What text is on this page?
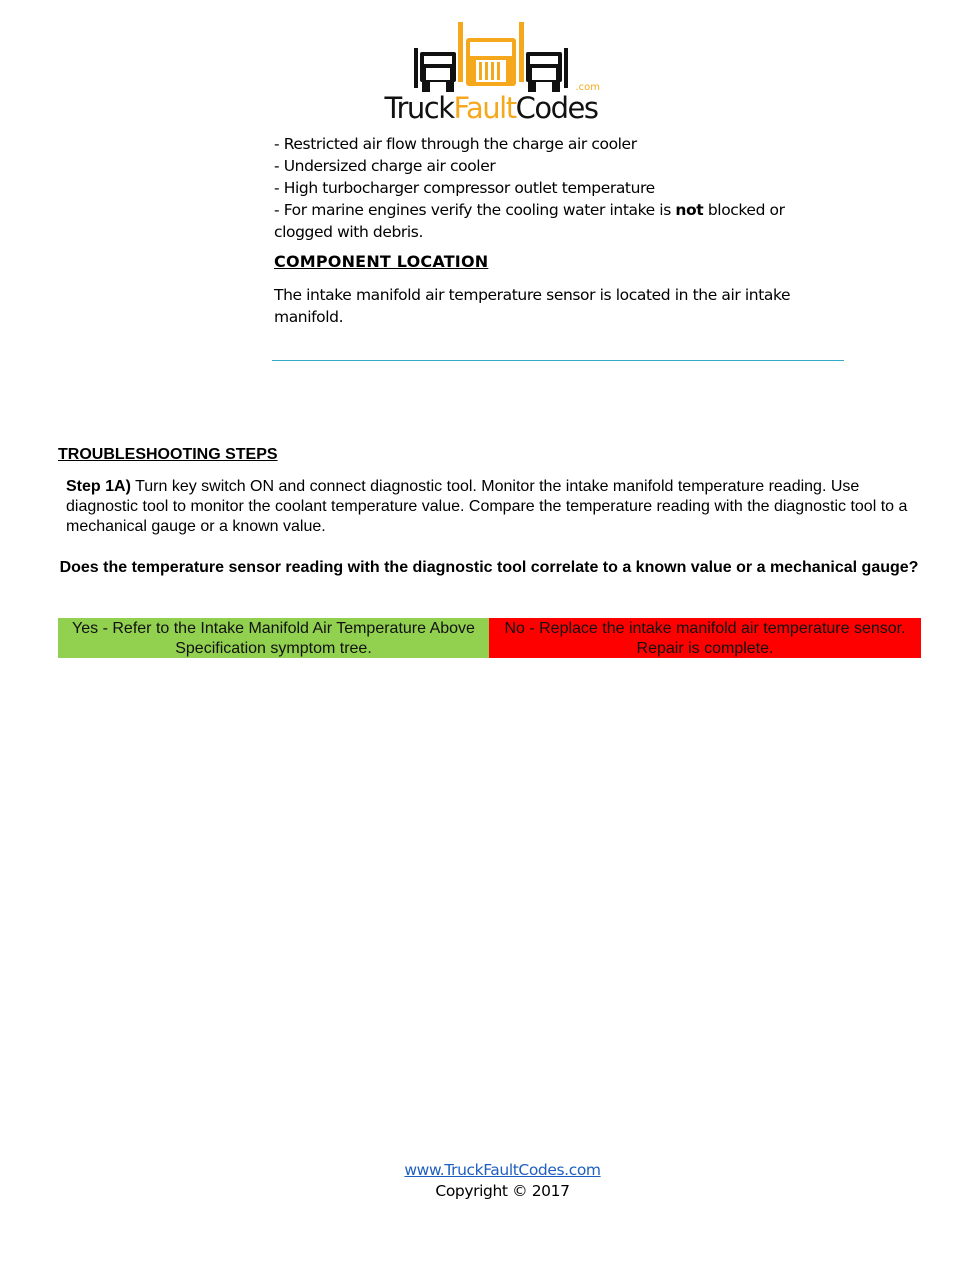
.com
TruckFaultCodes
- Restricted air flow through the charge air cooler
- Undersized charge air cooler
- High turbocharger compressor outlet temperature
- For marine engines verify the cooling water intake is not blocked or clogged with debris.
COMPONENT LOCATION
The intake manifold air temperature sensor is located in the air intake manifold.
TROUBLESHOOTING STEPS
Step 1A) Turn key switch ON and connect diagnostic tool. Monitor the intake manifold temperature reading. Use diagnostic tool to monitor the coolant temperature value. Compare the temperature reading with the diagnostic tool to a mechanical gauge or a known value.
Does the temperature sensor reading with the diagnostic tool correlate to a known value or a mechanical gauge?
Yes - Refer to the Intake Manifold Air Temperature Above Specification symptom tree.
No - Replace the intake manifold air temperature sensor. Repair is complete.
www.TruckFaultCodes.com
Copyright © 2017
